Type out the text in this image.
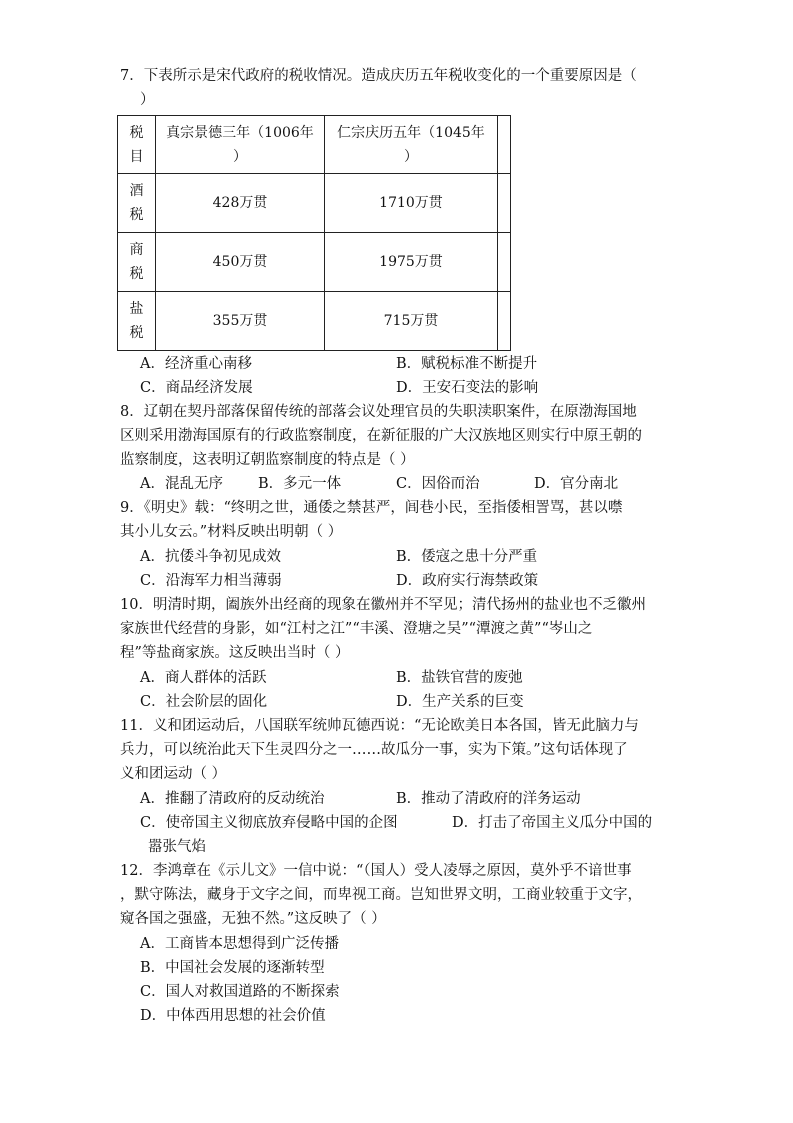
7．下表所示是宋代政府的税收情况。造成庆历五年税收变化的一个重要原因是（
）
税
目	真宗景德三年（1006年
）	仁宗庆历五年（1045年
）	

酒
税	428万贯	1710万贯	

商
税	450万贯	1975万贯	

盐
税	355万贯	715万贯	
A．经济重心南移	B．赋税标准不断提升
C．商品经济发展	D．王安石变法的影响
8．辽朝在契丹部落保留传统的部落会议处理官员的失职渎职案件，在原渤海国地
区则采用渤海国原有的行政监察制度，在新征服的广大汉族地区则实行中原王朝的
监察制度，这表明辽朝监察制度的特点是（ ）
A．混乱无序 B．多元一体	C．因俗而治	D．官分南北
9．《明史》载：“终明之世，通倭之禁甚严，闾巷小民，至指倭相詈骂，甚以噤
其小儿女云。”材料反映出明朝（ ）
A．抗倭斗争初见成效	B．倭寇之患十分严重
C．沿海军力相当薄弱	D．政府实行海禁政策
10．明清时期，阖族外出经商的现象在徽州并不罕见；清代扬州的盐业也不乏徽州
家族世代经营的身影，如“江村之江”“丰溪、澄塘之吴”“潭渡之黄”“岑山之
程”等盐商家族。这反映出当时（ ）
A．商人群体的活跃	B．盐铁官营的废弛
C．社会阶层的固化	D．生产关系的巨变
11．义和团运动后，八国联军统帅瓦德西说：“无论欧美日本各国，皆无此脑力与
兵力，可以统治此天下生灵四分之一……故瓜分一事，实为下策。”这句话体现了
义和团运动（ ）
A．推翻了清政府的反动统治	B．推动了清政府的洋务运动
C．使帝国主义彻底放弃侵略中国的企图	D．打击了帝国主义瓜分中国的
嚣张气焰
12．李鸿章在《示儿文》一信中说：“（国人）受人凌辱之原因，莫外乎不谙世事
，默守陈法，藏身于文字之间，而卑视工商。岂知世界文明，工商业较重于文字，
窥各国之强盛，无独不然。”这反映了（ ）
A．工商皆本思想得到广泛传播
B．中国社会发展的逐渐转型
C．国人对救国道路的不断探索
D．中体西用思想的社会价值
